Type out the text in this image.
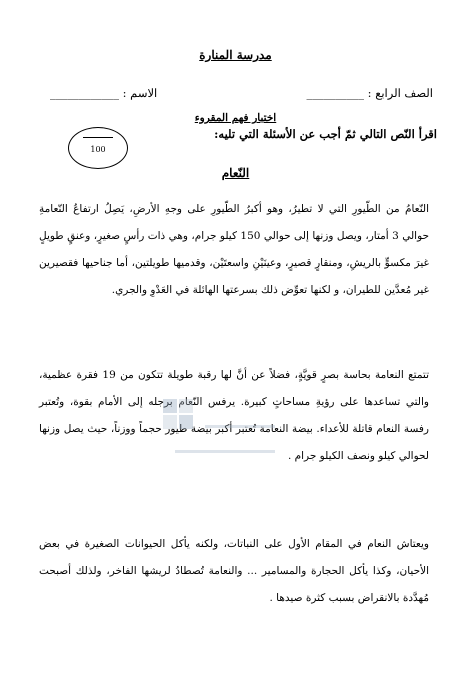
مدرسة المنارة
الصف الرابع : __________
الاسم : ____________
اختبار فهم المقروء
اقرأ النّص التالي ثمّ أجب عن الأسئلة التي تليه:
100
النّعام
النّعامُ من الطّيورِ التي لا تطيرُ، وهو أكبرُ الطّيورِ على وجهِ الأرضِ، يَصِلُ ارتفاعُ النّعامةِ حوالي 3 أمتار، ويصل وزنها إلى حوالي 150 كيلو جرام، وهي ذات رأسٍ صغيرٍ، وعنقٍ طويلٍ غيرَ مكسوٍّ بالريشِ، ومنقارٍ قصيرٍ، وعينَيْنِ واسعتَيْن، وقدميها طويلتين، أما جناحيها فقصيرين غير مُعدَّين للطيران، و لكنها تعوِّض ذلك بسرعتها الهائلة في العَدْوِ والجري.
تتمتع النعامة بحاسة بصرٍ قويَّةٍ، فضلاً عن أنَّ لها رقبة طويلة تتكون من 19 فقرة عظمية، والتي تساعدها على رؤيةِ مساحاتٍ كبيرة. يرفس النّعام برجله إلى الأمام بقوة، وتُعتبر رفسة النعام قاتلة للأعداء. بيضة النعامة تُعتبر أكبر بيضة طيور حجماً ووزناً، حيث يصل وزنها لحوالي كيلو ونصف الكيلو جرام .
ويعتاش النعام في المقام الأول على النباتات، ولكنه يأكل الحيوانات الصغيرة في بعض الأحيان، وكذا يأكل الحجارة والمسامير ... والنعامة تُصطادُ لريشها الفاخر، ولذلك أصبحت مُهدَّدة بالانقراض بسبب كثرة صيدها .
